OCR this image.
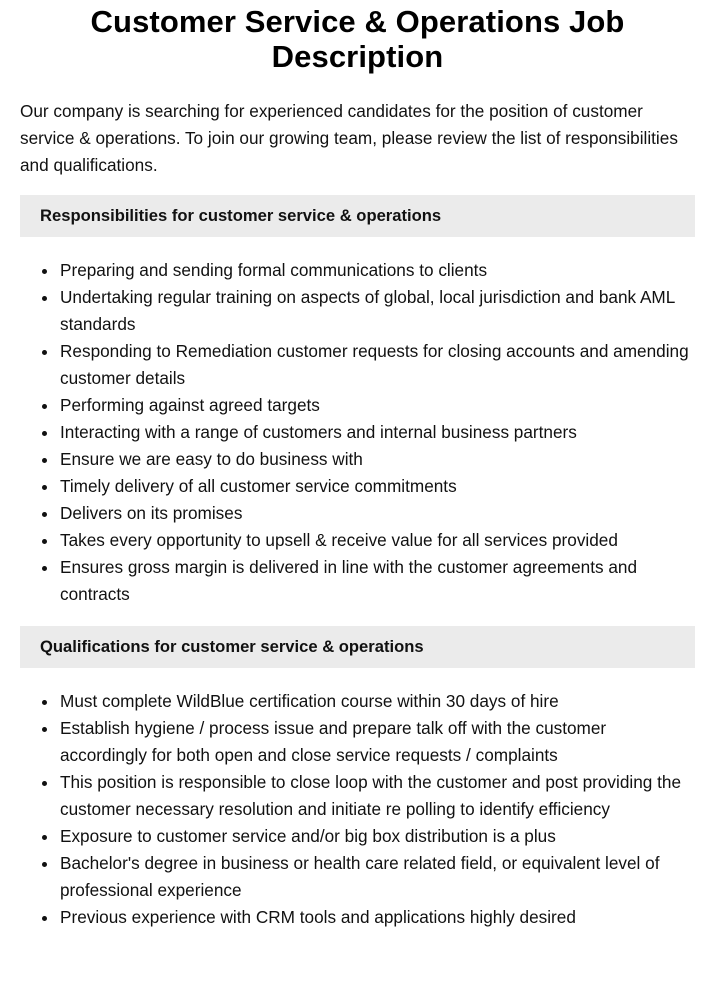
Customer Service & Operations Job Description

Our company is searching for experienced candidates for the position of customer service & operations. To join our growing team, please review the list of responsibilities and qualifications.

Responsibilities for customer service & operations
Preparing and sending formal communications to clients
Undertaking regular training on aspects of global, local jurisdiction and bank AML standards
Responding to Remediation customer requests for closing accounts and amending customer details
Performing against agreed targets
Interacting with a range of customers and internal business partners
Ensure we are easy to do business with
Timely delivery of all customer service commitments
Delivers on its promises
Takes every opportunity to upsell & receive value for all services provided
Ensures gross margin is delivered in line with the customer agreements and contracts
Qualifications for customer service & operations
Must complete WildBlue certification course within 30 days of hire
Establish hygiene / process issue and prepare talk off with the customer accordingly for both open and close service requests / complaints
This position is responsible to close loop with the customer and post providing the customer necessary resolution and initiate re polling to identify efficiency
Exposure to customer service and/or big box distribution is a plus
Bachelor's degree in business or health care related field, or equivalent level of professional experience
Previous experience with CRM tools and applications highly desired
